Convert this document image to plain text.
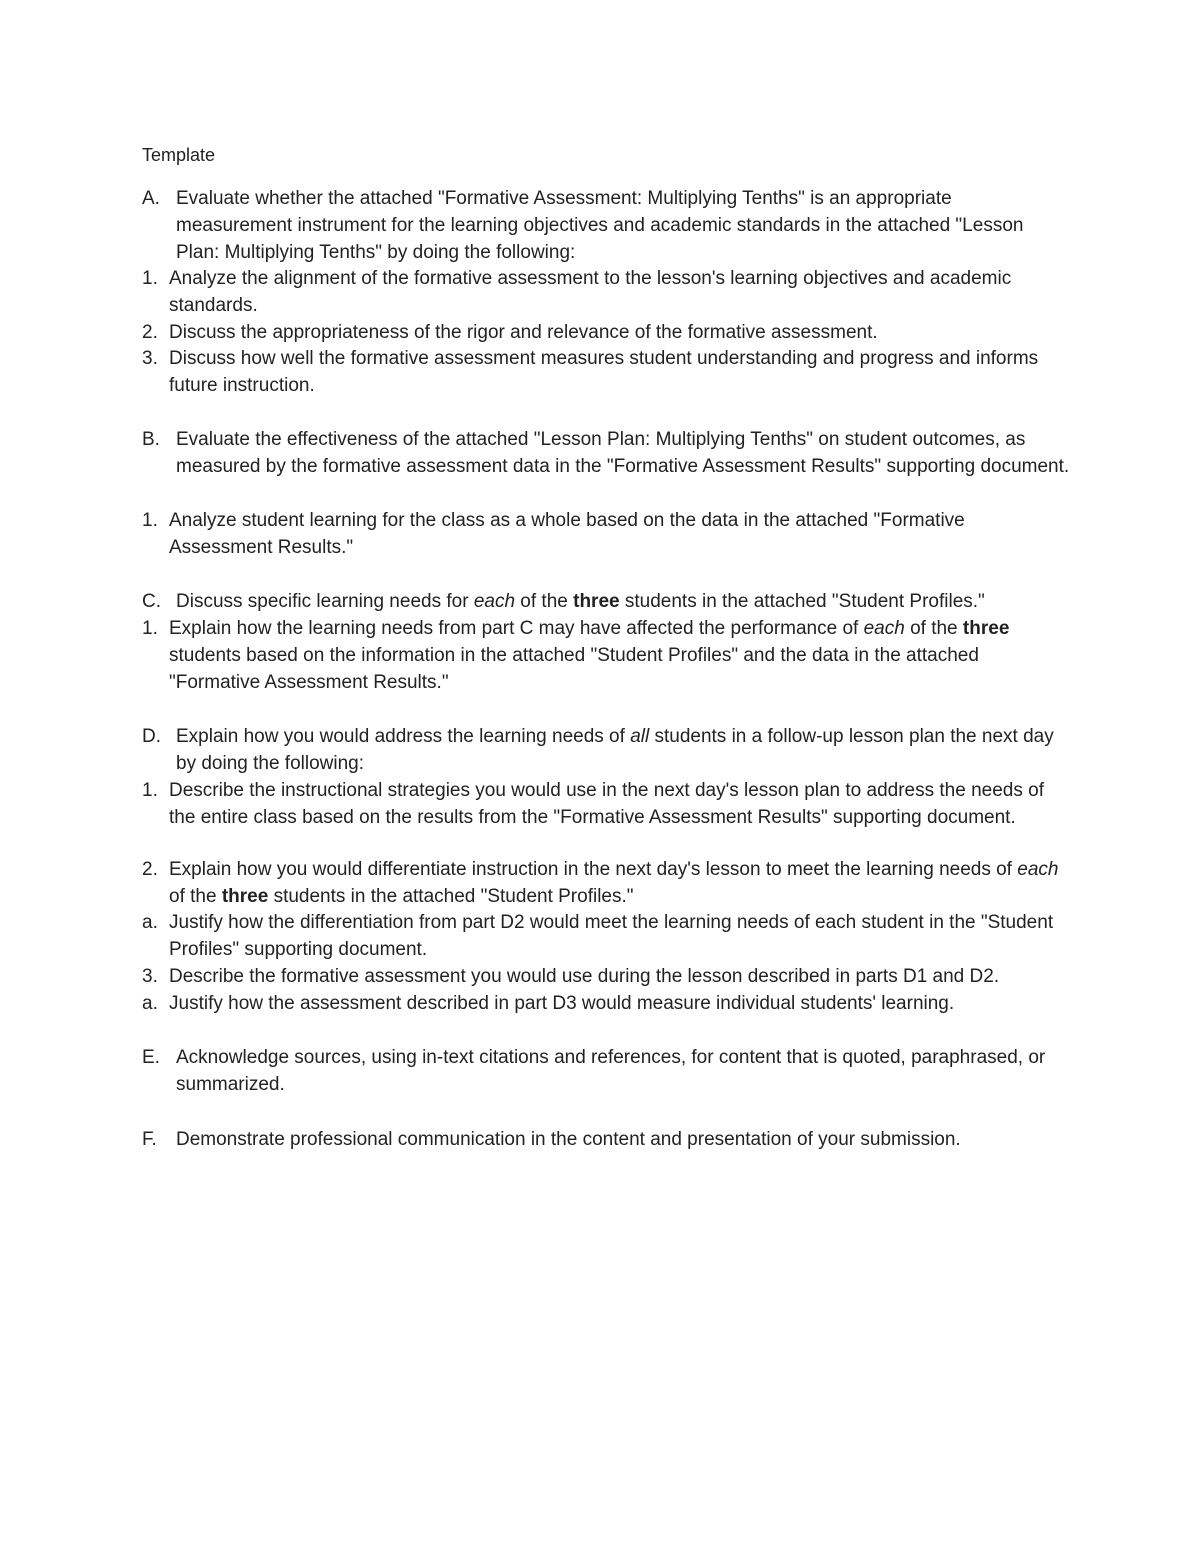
Template
A. Evaluate whether the attached "Formative Assessment: Multiplying Tenths" is an appropriate measurement instrument for the learning objectives and academic standards in the attached "Lesson Plan: Multiplying Tenths" by doing the following:
1. Analyze the alignment of the formative assessment to the lesson's learning objectives and academic standards.
2. Discuss the appropriateness of the rigor and relevance of the formative assessment.
3. Discuss how well the formative assessment measures student understanding and progress and informs future instruction.
B. Evaluate the effectiveness of the attached "Lesson Plan: Multiplying Tenths" on student outcomes, as measured by the formative assessment data in the "Formative Assessment Results" supporting document.
1. Analyze student learning for the class as a whole based on the data in the attached "Formative Assessment Results."
C. Discuss specific learning needs for each of the three students in the attached "Student Profiles."
1. Explain how the learning needs from part C may have affected the performance of each of the three students based on the information in the attached "Student Profiles" and the data in the attached "Formative Assessment Results."
D. Explain how you would address the learning needs of all students in a follow-up lesson plan the next day by doing the following:
1. Describe the instructional strategies you would use in the next day's lesson plan to address the needs of the entire class based on the results from the "Formative Assessment Results" supporting document.
2. Explain how you would differentiate instruction in the next day's lesson to meet the learning needs of each of the three students in the attached "Student Profiles."
a. Justify how the differentiation from part D2 would meet the learning needs of each student in the "Student Profiles" supporting document.
3. Describe the formative assessment you would use during the lesson described in parts D1 and D2.
a. Justify how the assessment described in part D3 would measure individual students' learning.
E. Acknowledge sources, using in-text citations and references, for content that is quoted, paraphrased, or summarized.
F.	Demonstrate professional communication in the content and presentation of your submission.
